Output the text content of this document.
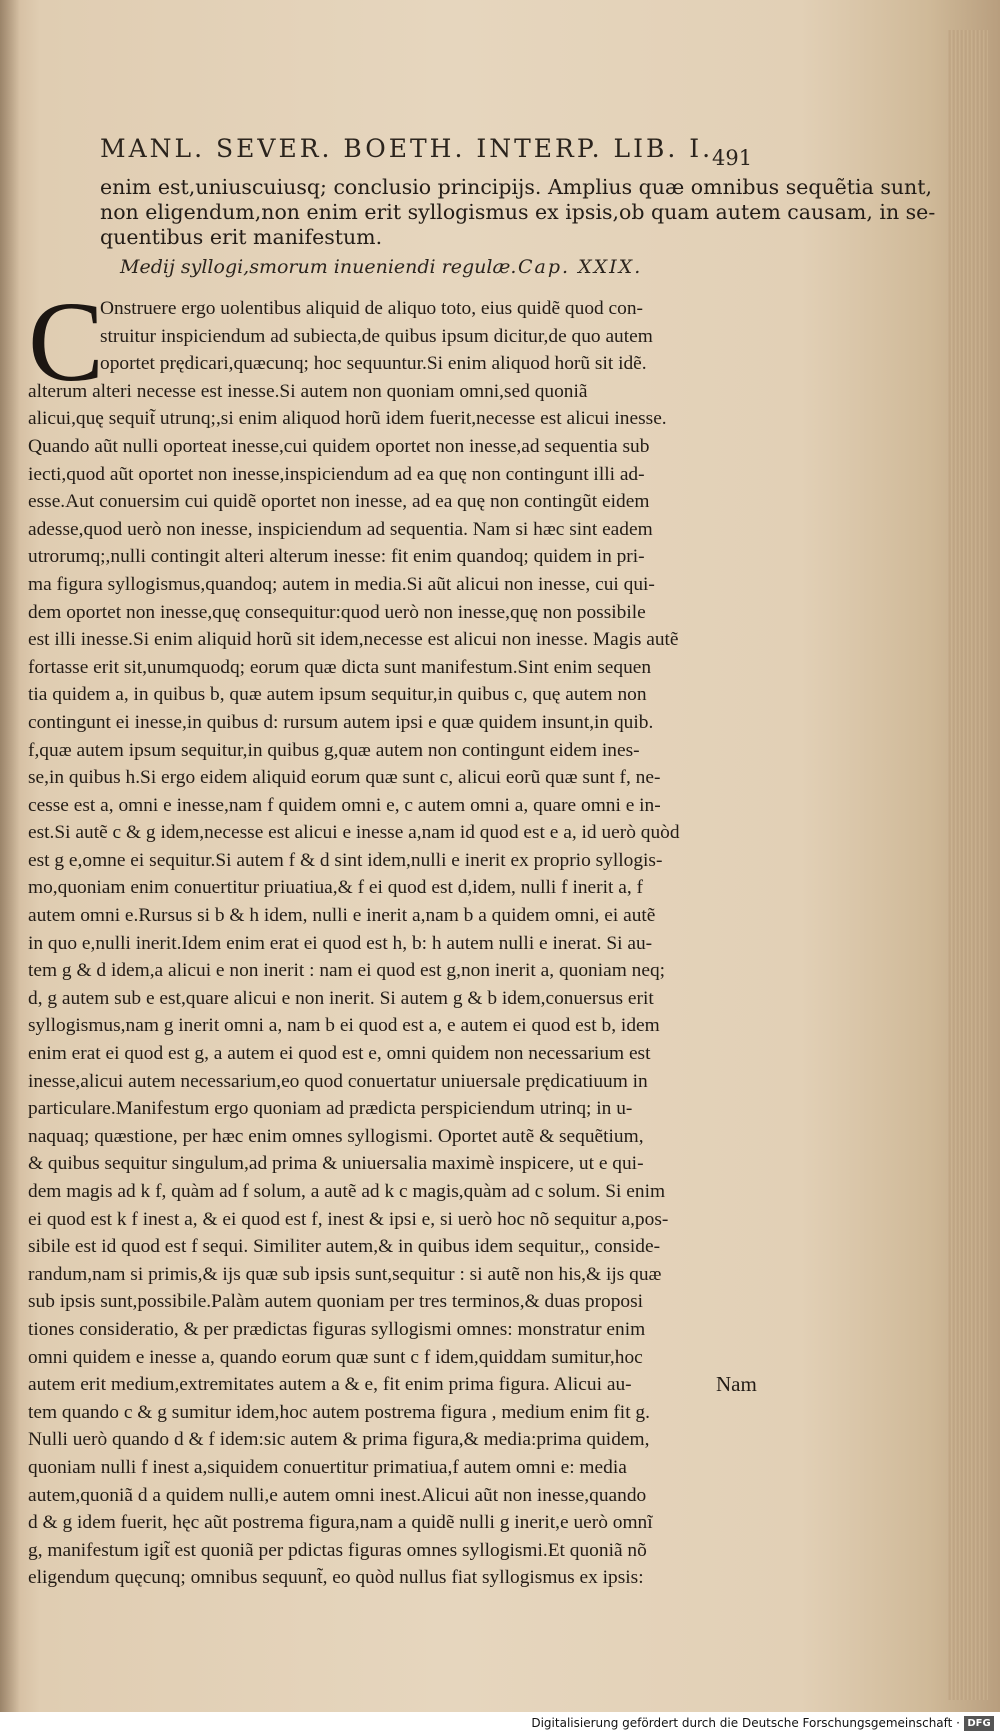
MANL. SEVER. BOETH. INTERP. LIB. I.
491
enim est,uniuscuiusq; conclusio principijs. Amplius quæ omnibus sequẽtia sunt,
non eligendum,non enim erit syllogismus ex ipsis,ob quam autem causam, in se-
quentibus erit manifestum.
Medij syllogi,smorum inueniendi regulæ. Cap. XXIX.
C
Onstruere ergo uolentibus aliquid de aliquo toto, eius quidẽ quod con-
struitur inspiciendum ad subiecta,de quibus ipsum dicitur,de quo autem
oportet prędicari,quæcunq; hoc sequuntur.Si enim aliquod horũ sit idẽ.
alterum alteri necesse est inesse.Si autem non quoniam omni,sed quoniã
alicui,quę sequit̃ utrunq;,si enim aliquod horũ idem fuerit,necesse est alicui inesse.
Quando aũt nulli oporteat inesse,cui quidem oportet non inesse,ad sequentia sub
iecti,quod aũt oportet non inesse,inspiciendum ad ea quę non contingunt illi ad-
esse.Aut conuersim cui quidẽ oportet non inesse, ad ea quę non contingũt eidem
adesse,quod uerò non inesse, inspiciendum ad sequentia. Nam si hæc sint eadem
utrorumq;,nulli contingit alteri alterum inesse: fit enim quandoq; quidem in pri-
ma figura syllogismus,quandoq; autem in media.Si aũt alicui non inesse, cui qui-
dem oportet non inesse,quę consequitur:quod uerò non inesse,quę non possibile
est illi inesse.Si enim aliquid horũ sit idem,necesse est alicui non inesse. Magis autẽ
fortasse erit sit,unumquodq; eorum quæ dicta sunt manifestum.Sint enim sequen
tia quidem a, in quibus b, quæ autem ipsum sequitur,in quibus c, quę autem non
contingunt ei inesse,in quibus d: rursum autem ipsi e quæ quidem insunt,in quib.
f,quæ autem ipsum sequitur,in quibus g,quæ autem non contingunt eidem ines-
se,in quibus h.Si ergo eidem aliquid eorum quæ sunt c, alicui eorũ quæ sunt f, ne-
cesse est a, omni e inesse,nam f quidem omni e, c autem omni a, quare omni e in-
est.Si autẽ c & g idem,necesse est alicui e inesse a,nam id quod est e a, id uerò quòd
est g e,omne ei sequitur.Si autem f & d sint idem,nulli e inerit ex proprio syllogis-
mo,quoniam enim conuertitur priuatiua,& f ei quod est d,idem, nulli f inerit a, f
autem omni e.Rursus si b & h idem, nulli e inerit a,nam b a quidem omni, ei autẽ
in quo e,nulli inerit.Idem enim erat ei quod est h, b: h autem nulli e inerat. Si au-
tem g & d idem,a alicui e non inerit : nam ei quod est g,non inerit a, quoniam neq;
d, g autem sub e est,quare alicui e non inerit. Si autem g & b idem,conuersus erit
syllogismus,nam g inerit omni a, nam b ei quod est a, e autem ei quod est b, idem
enim erat ei quod est g, a autem ei quod est e, omni quidem non necessarium est
inesse,alicui autem necessarium,eo quod conuertatur uniuersale prędicatiuum in
particulare.Manifestum ergo quoniam ad prædicta perspiciendum utrinq; in u-
naquaq; quæstione, per hæc enim omnes syllogismi. Oportet autẽ & sequẽtium,
& quibus sequitur singulum,ad prima & uniuersalia maximè inspicere, ut e qui-
dem magis ad k f, quàm ad f solum, a autẽ ad k c magis,quàm ad c solum. Si enim
ei quod est k f inest a, & ei quod est f, inest & ipsi e, si uerò hoc nõ sequitur a,pos-
sibile est id quod est f sequi. Similiter autem,& in quibus idem sequitur,, conside-
randum,nam si primis,& ijs quæ sub ipsis sunt,sequitur : si autẽ non his,& ijs quæ
sub ipsis sunt,possibile.Palàm autem quoniam per tres terminos,& duas proposi
tiones consideratio, & per prædictas figuras syllogismi omnes: monstratur enim
omni quidem e inesse a, quando eorum quæ sunt c f idem,quiddam sumitur,hoc
autem erit medium,extremitates autem a & e, fit enim prima figura. Alicui au-
tem quando c & g sumitur idem,hoc autem postrema figura , medium enim fit g.
Nulli uerò quando d & f idem:sic autem & prima figura,& media:prima quidem,
quoniam nulli f inest a,siquidem conuertitur primatiua,f autem omni e: media
autem,quoniã d a quidem nulli,e autem omni inest.Alicui aũt non inesse,quando
d & g idem fuerit, hęc aũt postrema figura,nam a quidẽ nulli g inerit,e uerò omnĩ
g, manifestum igit̃ est quoniã per pdictas figuras omnes syllogismi.Et quoniã nõ
eligendum quęcunq; omnibus sequunt̃, eo quòd nullus fiat syllogismus ex ipsis:
Nam
Digitalisierung gefördert durch die Deutsche Forschungsgemeinschaft · DFG
